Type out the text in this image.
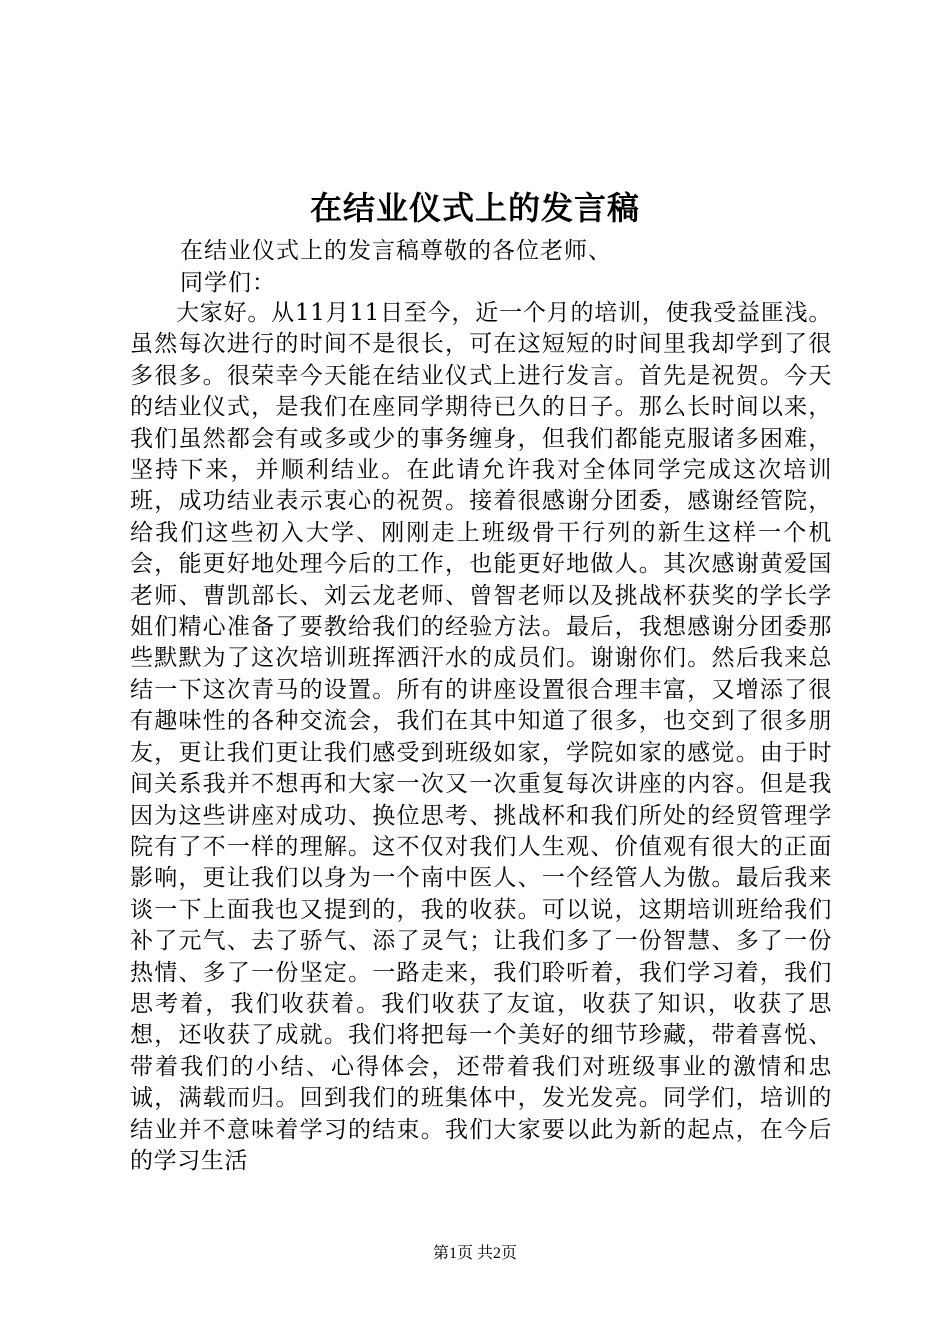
在结业仪式上的发言稿

在结业仪式上的发言稿尊敬的各位老师、

同学们：

大家好。从11月11日至今，近一个月的培训，使我受益匪浅。虽然每次进行的时间不是很长，可在这短短的时间里我却学到了很多很多。很荣幸今天能在结业仪式上进行发言。首先是祝贺。今天的结业仪式，是我们在座同学期待已久的日子。那么长时间以来，我们虽然都会有或多或少的事务缠身，但我们都能克服诸多困难，坚持下来，并顺利结业。在此请允许我对全体同学完成这次培训班，成功结业表示衷心的祝贺。接着很感谢分团委，感谢经管院，给我们这些初入大学、刚刚走上班级骨干行列的新生这样一个机会，能更好地处理今后的工作，也能更好地做人。其次感谢黄爱国老师、曹凯部长、刘云龙老师、曾智老师以及挑战杯获奖的学长学姐们精心准备了要教给我们的经验方法。最后，我想感谢分团委那些默默为了这次培训班挥洒汗水的成员们。谢谢你们。然后我来总结一下这次青马的设置。所有的讲座设置很合理丰富，又增添了很有趣味性的各种交流会，我们在其中知道了很多，也交到了很多朋友，更让我们更让我们感受到班级如家，学院如家的感觉。由于时间关系我并不想再和大家一次又一次重复每次讲座的内容。但是我因为这些讲座对成功、换位思考、挑战杯和我们所处的经贸管理学院有了不一样的理解。这不仅对我们人生观、价值观有很大的正面影响，更让我们以身为一个南中医人、一个经管人为傲。最后我来谈一下上面我也又提到的，我的收获。可以说，这期培训班给我们补了元气、去了骄气、添了灵气；让我们多了一份智慧、多了一份热情、多了一份坚定。一路走来，我们聆听着，我们学习着，我们思考着，我们收获着。我们收获了友谊，收获了知识，收获了思想，还收获了成就。我们将把每一个美好的细节珍藏，带着喜悦、带着我们的小结、心得体会，还带着我们对班级事业的激情和忠诚，满载而归。回到我们的班集体中，发光发亮。同学们，培训的结业并不意味着学习的结束。我们大家要以此为新的起点，在今后的学习生活

第1页 共2页
